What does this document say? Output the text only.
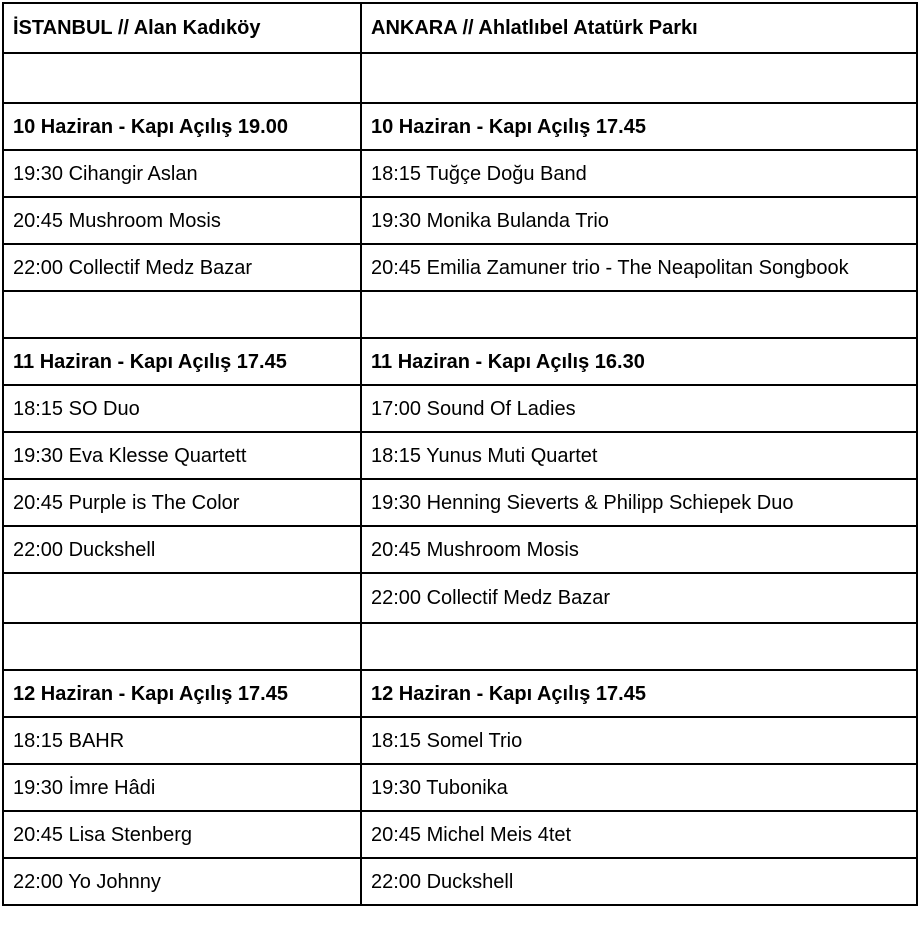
İSTANBUL // Alan Kadıköy	ANKARA // Ahlatlıbel Atatürk Parkı

10 Haziran - Kapı Açılış 19.00	10 Haziran - Kapı Açılış 17.45
19:30 Cihangir Aslan	18:15 Tuğçe Doğu Band
20:45 Mushroom Mosis	19:30 Monika Bulanda Trio
22:00 Collectif Medz Bazar	20:45 Emilia Zamuner trio - The Neapolitan Songbook

11 Haziran - Kapı Açılış 17.45	11 Haziran - Kapı Açılış 16.30
18:15 SO Duo	17:00 Sound Of Ladies
19:30 Eva Klesse Quartett	18:15 Yunus Muti Quartet
20:45 Purple is The Color	19:30 Henning Sieverts & Philipp Schiepek Duo
22:00 Duckshell	20:45 Mushroom Mosis
	22:00 Collectif Medz Bazar

12 Haziran - Kapı Açılış 17.45	12 Haziran - Kapı Açılış 17.45
18:15 BAHR	18:15 Somel Trio
19:30 İmre Hâdi	19:30 Tubonika
20:45 Lisa Stenberg	20:45 Michel Meis 4tet
22:00 Yo Johnny	22:00 Duckshell
